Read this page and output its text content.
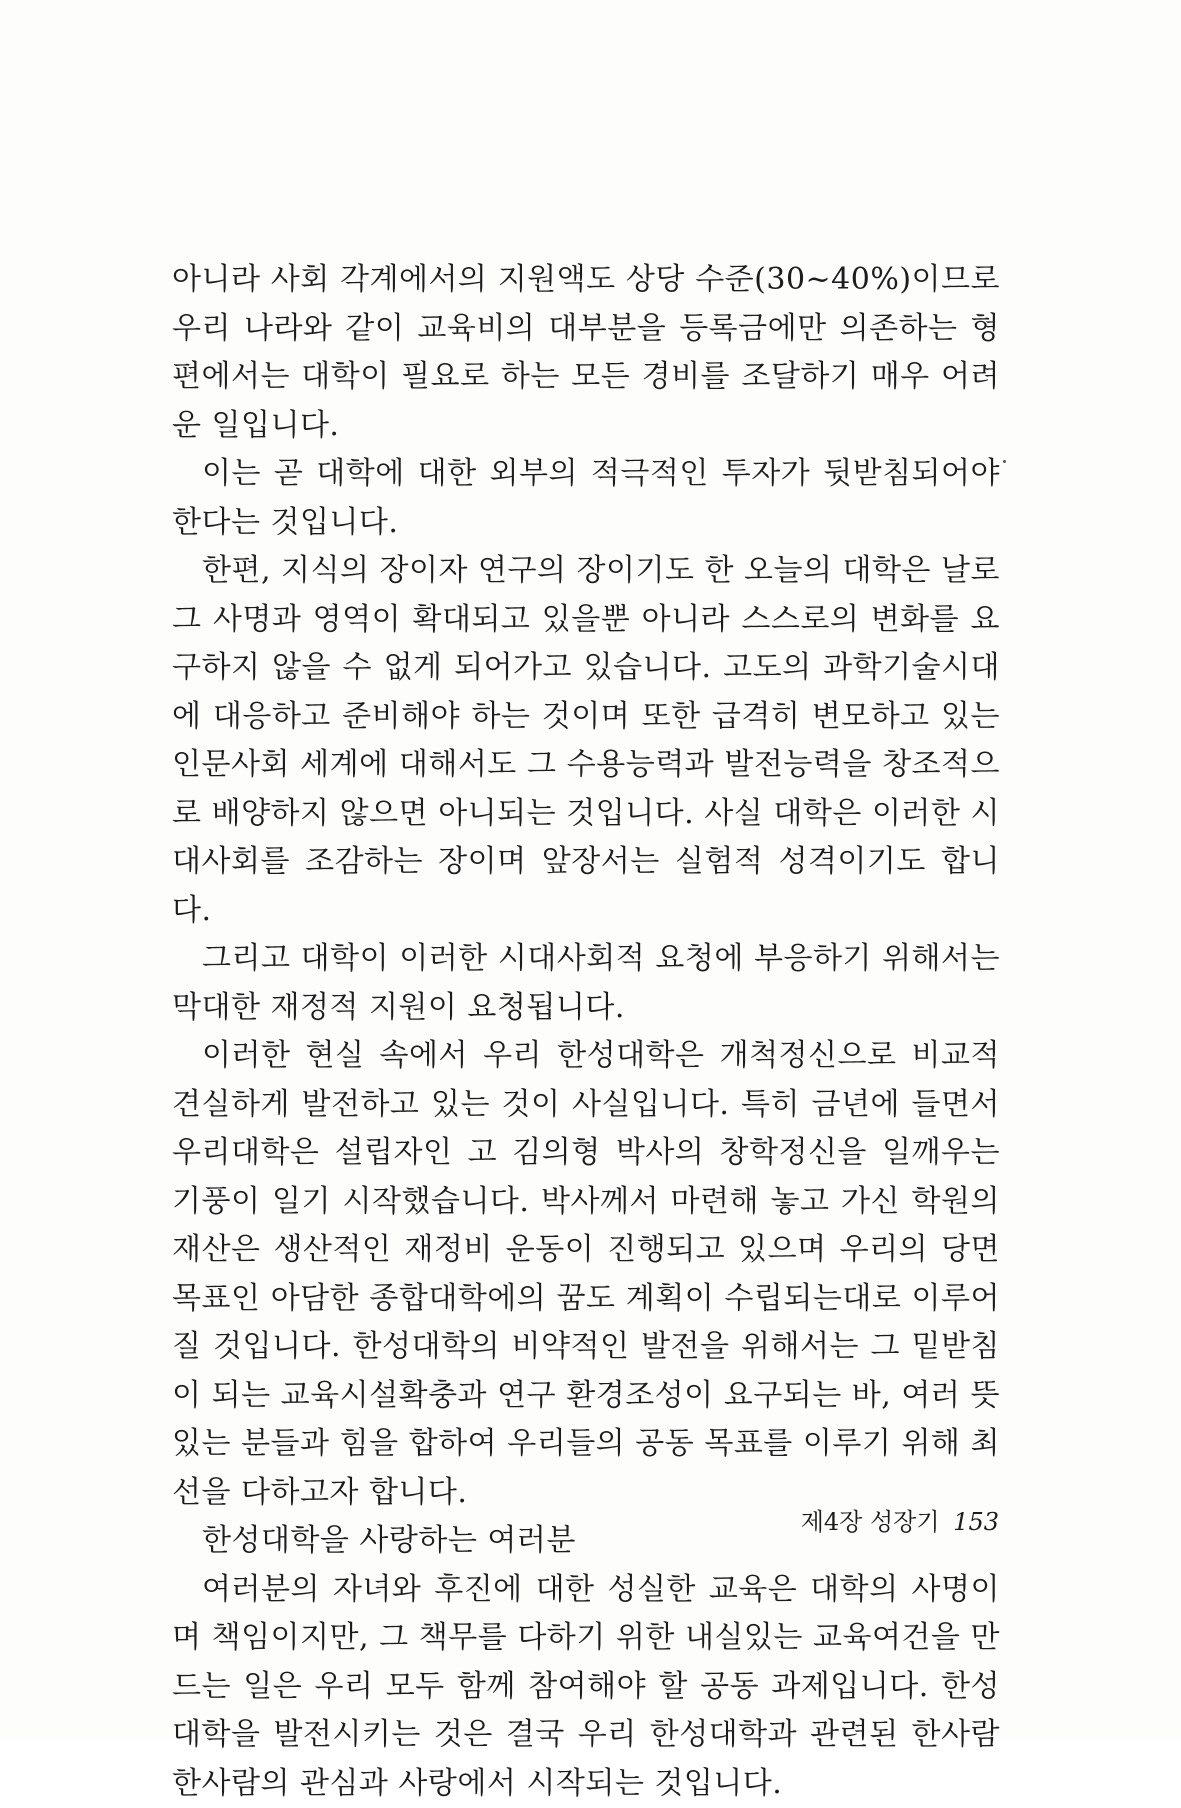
아니라 사회 각계에서의 지원액도 상당 수준(30~40%)이므로 우리 나라와 같이 교육비의 대부분을 등록금에만 의존하는 형편에서는 대학이 필요로 하는 모든 경비를 조달하기 매우 어려운 일입니다.

이는 곧 대학에 대한 외부의 적극적인 투자가 뒷받침되어야 한다는 것입니다.

한편, 지식의 장이자 연구의 장이기도 한 오늘의 대학은 날로 그 사명과 영역이 확대되고 있을뿐 아니라 스스로의 변화를 요구하지 않을 수 없게 되어가고 있습니다. 고도의 과학기술시대에 대응하고 준비해야 하는 것이며 또한 급격히 변모하고 있는 인문사회 세계에 대해서도 그 수용능력과 발전능력을 창조적으로 배양하지 않으면 아니되는 것입니다. 사실 대학은 이러한 시대사회를 조감하는 장이며 앞장서는 실험적 성격이기도 합니다.

그리고 대학이 이러한 시대사회적 요청에 부응하기 위해서는 막대한 재정적 지원이 요청됩니다.

이러한 현실 속에서 우리 한성대학은 개척정신으로 비교적 견실하게 발전하고 있는 것이 사실입니다. 특히 금년에 들면서 우리대학은 설립자인 고 김의형 박사의 창학정신을 일깨우는 기풍이 일기 시작했습니다. 박사께서 마련해 놓고 가신 학원의 재산은 생산적인 재정비 운동이 진행되고 있으며 우리의 당면목표인 아담한 종합대학에의 꿈도 계획이 수립되는대로 이루어질 것입니다. 한성대학의 비약적인 발전을 위해서는 그 밑받침이 되는 교육시설확충과 연구 환경조성이 요구되는 바, 여러 뜻있는 분들과 힘을 합하여 우리들의 공동 목표를 이루기 위해 최선을 다하고자 합니다.

한성대학을 사랑하는 여러분

여러분의 자녀와 후진에 대한 성실한 교육은 대학의 사명이며 책임이지만, 그 책무를 다하기 위한 내실있는 교육여건을 만드는 일은 우리 모두 함께 참여해야 할 공동 과제입니다. 한성대학을 발전시키는 것은 결국 우리 한성대학과 관련된 한사람 한사람의 관심과 사랑에서 시작되는 것입니다.

제4장 성장기 153
